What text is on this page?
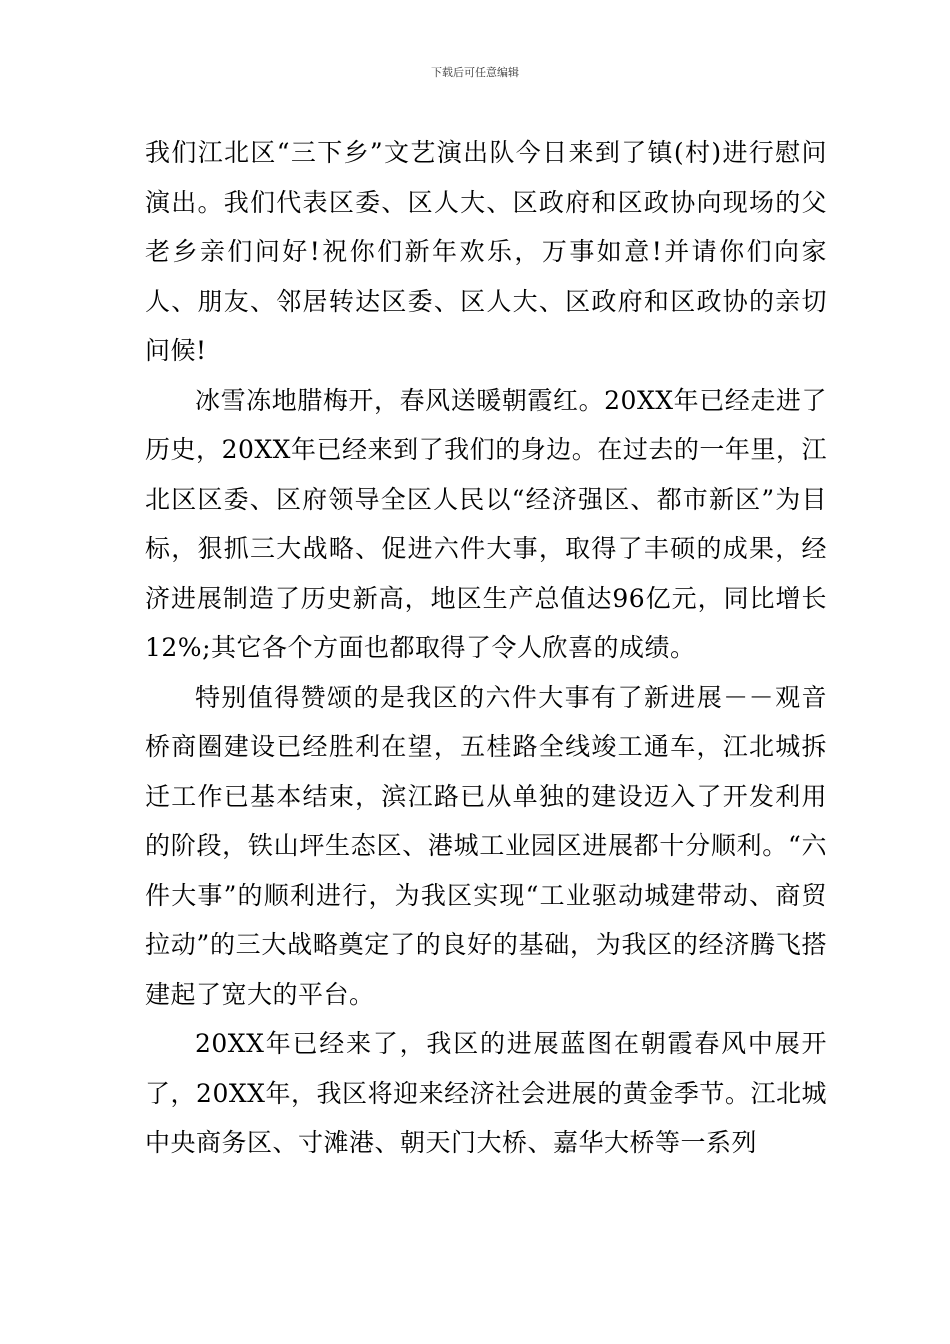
下载后可任意编辑

我们江北区“三下乡”文艺演出队今日来到了镇(村)进行慰问演出。我们代表区委、区人大、区政府和区政协向现场的父老乡亲们问好!祝你们新年欢乐，万事如意!并请你们向家人、朋友、邻居转达区委、区人大、区政府和区政协的亲切问候!

冰雪冻地腊梅开，春风送暖朝霞红。20XX年已经走进了历史，20XX年已经来到了我们的身边。在过去的一年里，江北区区委、区府领导全区人民以“经济强区、都市新区”为目标，狠抓三大战略、促进六件大事，取得了丰硕的成果，经济进展制造了历史新高，地区生产总值达96亿元，同比增长12%;其它各个方面也都取得了令人欣喜的成绩。

特别值得赞颂的是我区的六件大事有了新进展－－观音桥商圈建设已经胜利在望，五桂路全线竣工通车，江北城拆迁工作已基本结束，滨江路已从单独的建设迈入了开发利用的阶段，铁山坪生态区、港城工业园区进展都十分顺利。“六件大事”的顺利进行，为我区实现“工业驱动城建带动、商贸拉动”的三大战略奠定了的良好的基础，为我区的经济腾飞搭建起了宽大的平台。

20XX年已经来了，我区的进展蓝图在朝霞春风中展开了，20XX年，我区将迎来经济社会进展的黄金季节。江北城中央商务区、寸滩港、朝天门大桥、嘉华大桥等一系列
